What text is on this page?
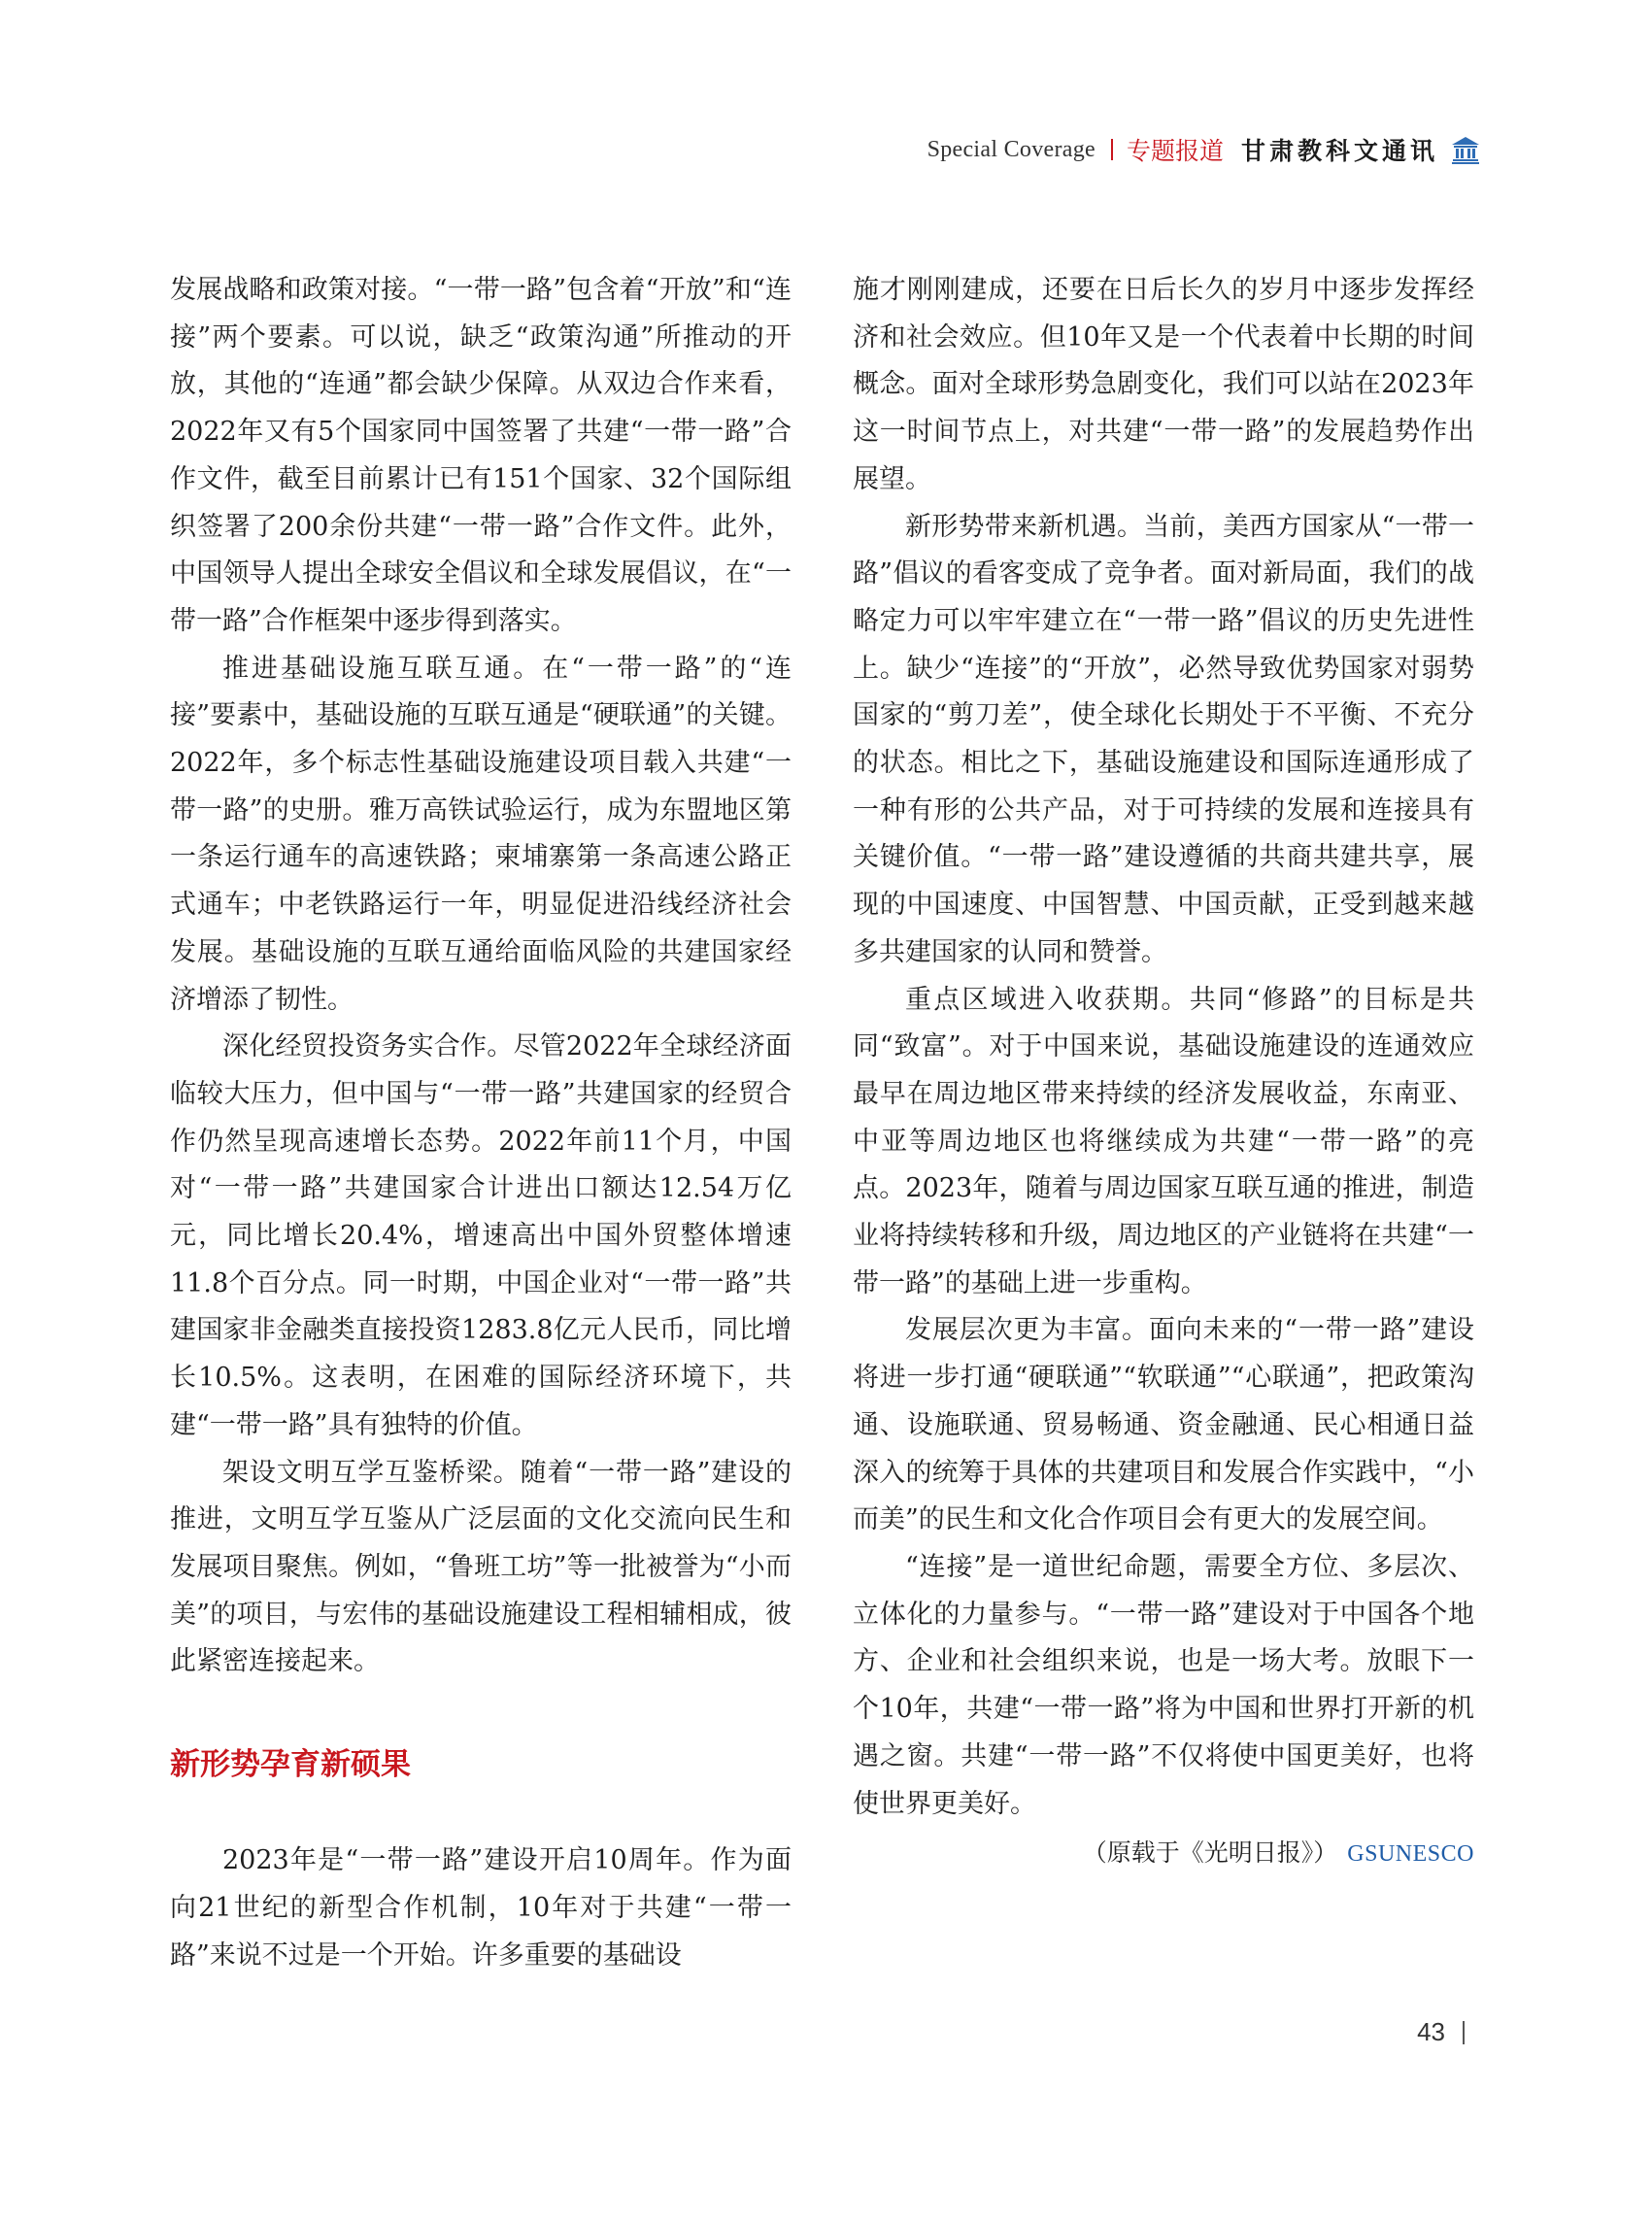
Special Coverage 专题报道 甘肃教科文通讯

发展战略和政策对接。“一带一路”包含着“开放”和“连接”两个要素。可以说，缺乏“政策沟通”所推动的开放，其他的“连通”都会缺少保障。从双边合作来看，2022年又有5个国家同中国签署了共建“一带一路”合作文件，截至目前累计已有151个国家、32个国际组织签署了200余份共建“一带一路”合作文件。此外，中国领导人提出全球安全倡议和全球发展倡议，在“一带一路”合作框架中逐步得到落实。

推进基础设施互联互通。在“一带一路”的“连接”要素中，基础设施的互联互通是“硬联通”的关键。2022年，多个标志性基础设施建设项目载入共建“一带一路”的史册。雅万高铁试验运行，成为东盟地区第一条运行通车的高速铁路；柬埔寨第一条高速公路正式通车；中老铁路运行一年，明显促进沿线经济社会发展。基础设施的互联互通给面临风险的共建国家经济增添了韧性。

深化经贸投资务实合作。尽管2022年全球经济面临较大压力，但中国与“一带一路”共建国家的经贸合作仍然呈现高速增长态势。2022年前11个月，中国对“一带一路”共建国家合计进出口额达12.54万亿元，同比增长20.4%，增速高出中国外贸整体增速11.8个百分点。同一时期，中国企业对“一带一路”共建国家非金融类直接投资1283.8亿元人民币，同比增长10.5%。这表明，在困难的国际经济环境下，共建“一带一路”具有独特的价值。

架设文明互学互鉴桥梁。随着“一带一路”建设的推进，文明互学互鉴从广泛层面的文化交流向民生和发展项目聚焦。例如，“鲁班工坊”等一批被誉为“小而美”的项目，与宏伟的基础设施建设工程相辅相成，彼此紧密连接起来。

新形势孕育新硕果

2023年是“一带一路”建设开启10周年。作为面向21世纪的新型合作机制，10年对于共建“一带一路”来说不过是一个开始。许多重要的基础设

施才刚刚建成，还要在日后长久的岁月中逐步发挥经济和社会效应。但10年又是一个代表着中长期的时间概念。面对全球形势急剧变化，我们可以站在2023年这一时间节点上，对共建“一带一路”的发展趋势作出展望。

新形势带来新机遇。当前，美西方国家从“一带一路”倡议的看客变成了竞争者。面对新局面，我们的战略定力可以牢牢建立在“一带一路”倡议的历史先进性上。缺少“连接”的“开放”，必然导致优势国家对弱势国家的“剪刀差”，使全球化长期处于不平衡、不充分的状态。相比之下，基础设施建设和国际连通形成了一种有形的公共产品，对于可持续的发展和连接具有关键价值。“一带一路”建设遵循的共商共建共享，展现的中国速度、中国智慧、中国贡献，正受到越来越多共建国家的认同和赞誉。

重点区域进入收获期。共同“修路”的目标是共同“致富”。对于中国来说，基础设施建设的连通效应最早在周边地区带来持续的经济发展收益，东南亚、中亚等周边地区也将继续成为共建“一带一路”的亮点。2023年，随着与周边国家互联互通的推进，制造业将持续转移和升级，周边地区的产业链将在共建“一带一路”的基础上进一步重构。

发展层次更为丰富。面向未来的“一带一路”建设将进一步打通“硬联通”“软联通”“心联通”，把政策沟通、设施联通、贸易畅通、资金融通、民心相通日益深入的统筹于具体的共建项目和发展合作实践中，“小而美”的民生和文化合作项目会有更大的发展空间。

“连接”是一道世纪命题，需要全方位、多层次、立体化的力量参与。“一带一路”建设对于中国各个地方、企业和社会组织来说，也是一场大考。放眼下一个10年，共建“一带一路”将为中国和世界打开新的机遇之窗。共建“一带一路”不仅将使中国更美好，也将使世界更美好。

（原载于《光明日报》） GSUNESCO
43
